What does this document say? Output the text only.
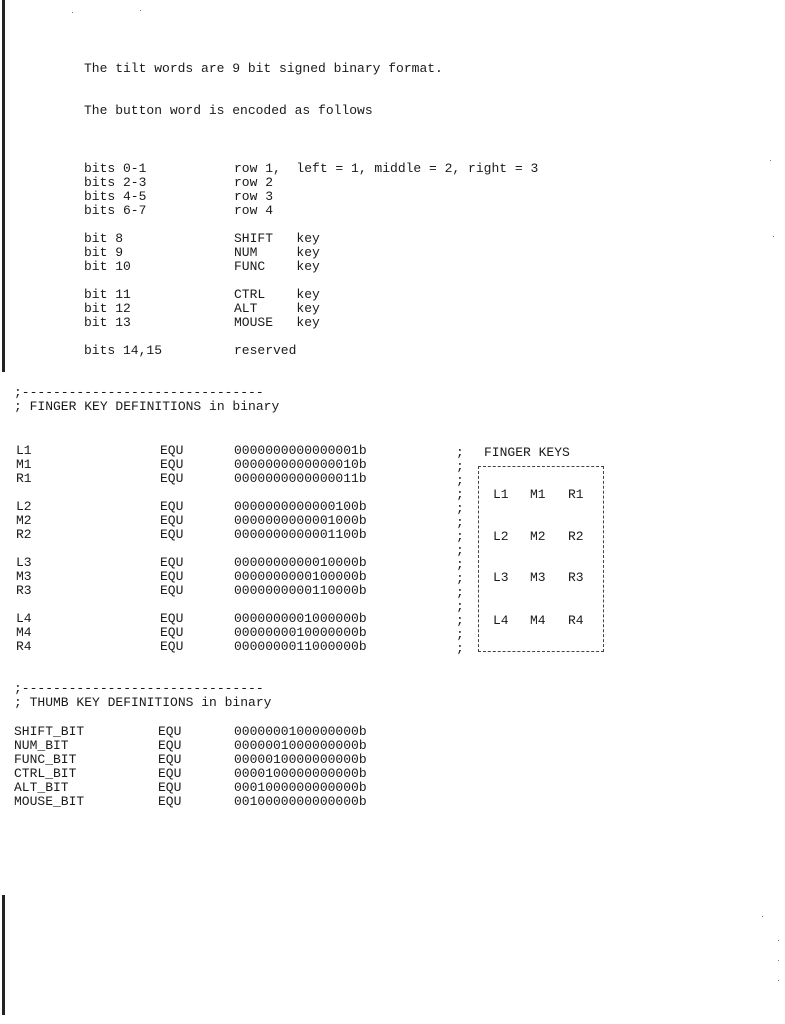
The tilt words are 9 bit signed binary format.
The button word is encoded as follows
bits 0-1	row 1,  left = 1, middle = 2, right = 3
bits 2-3	row 2
bits 4-5	row 3
bits 6-7	row 4
bit 8	SHIFT   key
bit 9	NUM     key
bit 10	FUNC    key
bit 11	CTRL    key
bit 12	ALT     key
bit 13	MOUSE   key
bits 14,15	reserved
;-------------------------------
; FINGER KEY DEFINITIONS in binary
L1	EQU	0000000000000001b
M1	EQU	0000000000000010b
R1	EQU	0000000000000011b
L2	EQU	0000000000000100b
M2	EQU	0000000000001000b
R2	EQU	0000000000001100b
L3	EQU	0000000000010000b
M3	EQU	0000000000100000b
R3	EQU	0000000000110000b
L4	EQU	0000000001000000b
M4	EQU	0000000010000000b
R4	EQU	0000000011000000b
;
;
;
;
;
;
;
;
;
;
;
;
;
;
;
FINGER KEYS
L1 M1 R1
L2 M2 R2
L3 M3 R3
L4 M4 R4
;-------------------------------
; THUMB KEY DEFINITIONS in binary
SHIFT_BIT	EQU	0000000100000000b
NUM_BIT	EQU	0000001000000000b
FUNC_BIT	EQU	0000010000000000b
CTRL_BIT	EQU	0000100000000000b
ALT_BIT	EQU	0001000000000000b
MOUSE_BIT	EQU	0010000000000000b
